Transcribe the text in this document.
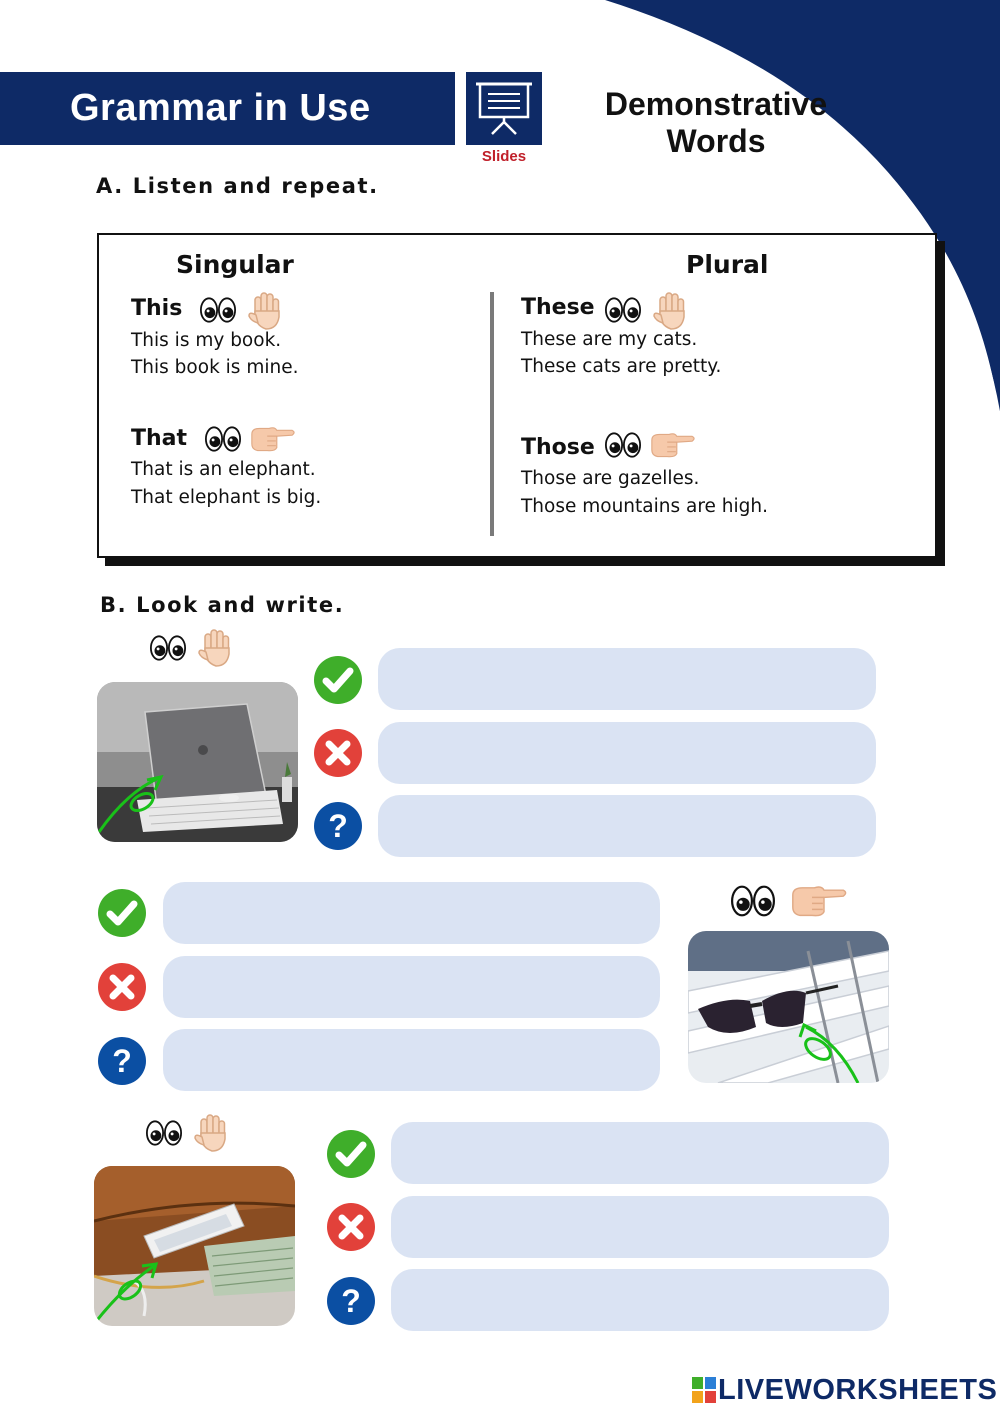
Grammar in Use
Slides
Demonstrative
Words
A. Listen and repeat.
Singular	Plural
This
This is my book.
This book is mine.
That
That is an elephant.
That elephant is big.
These
These are my cats.
These cats are pretty.
Those
Those are gazelles.
Those mountains are high.
B. Look and write.
LIVEWORKSHEETS
